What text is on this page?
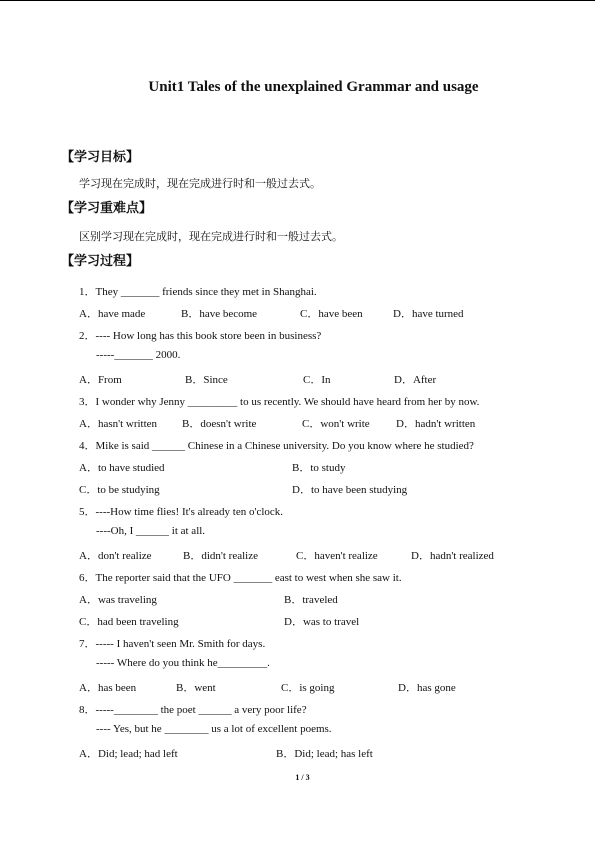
Unit1 Tales of the unexplained Grammar and usage
【学习目标】
学习现在完成时，现在完成进行时和一般过去式。
【学习重难点】
区别学习现在完成时，现在完成进行时和一般过去式。
【学习过程】
1．They _______ friends since they met in Shanghai.
A．have made	B．have become	C．have been	D．have turned
2．---- How long has this book store been in business?
-----_______ 2000.
A．From	B．Since	C．In	D．After
3．I wonder why Jenny _________ to us recently. We should have heard from her by now.
A．hasn't written B．doesn't write	C．won't write D．hadn't written
4．Mike is said ______ Chinese in a Chinese university. Do you know where he studied?
A．to have studied	B．to study
C．to be studying	D．to have been studying
5．----How time flies! It's already ten o'clock.
----Oh, I ______ it at all.
A．don't realize	B．didn't realize	C．haven't realize	D．hadn't realized
6．The reporter said that the UFO _______ east to west when she saw it.
A．was traveling	B．traveled
C．had been traveling	D．was to travel
7．----- I haven't seen Mr. Smith for days.
----- Where do you think he_________.
A．has been	B．went	C．is going	D．has gone
8．-----________ the poet ______ a very poor life?
---- Yes, but he ________ us a lot of excellent poems.
A．Did; lead; had left	B．Did; lead; has left
1 / 3
